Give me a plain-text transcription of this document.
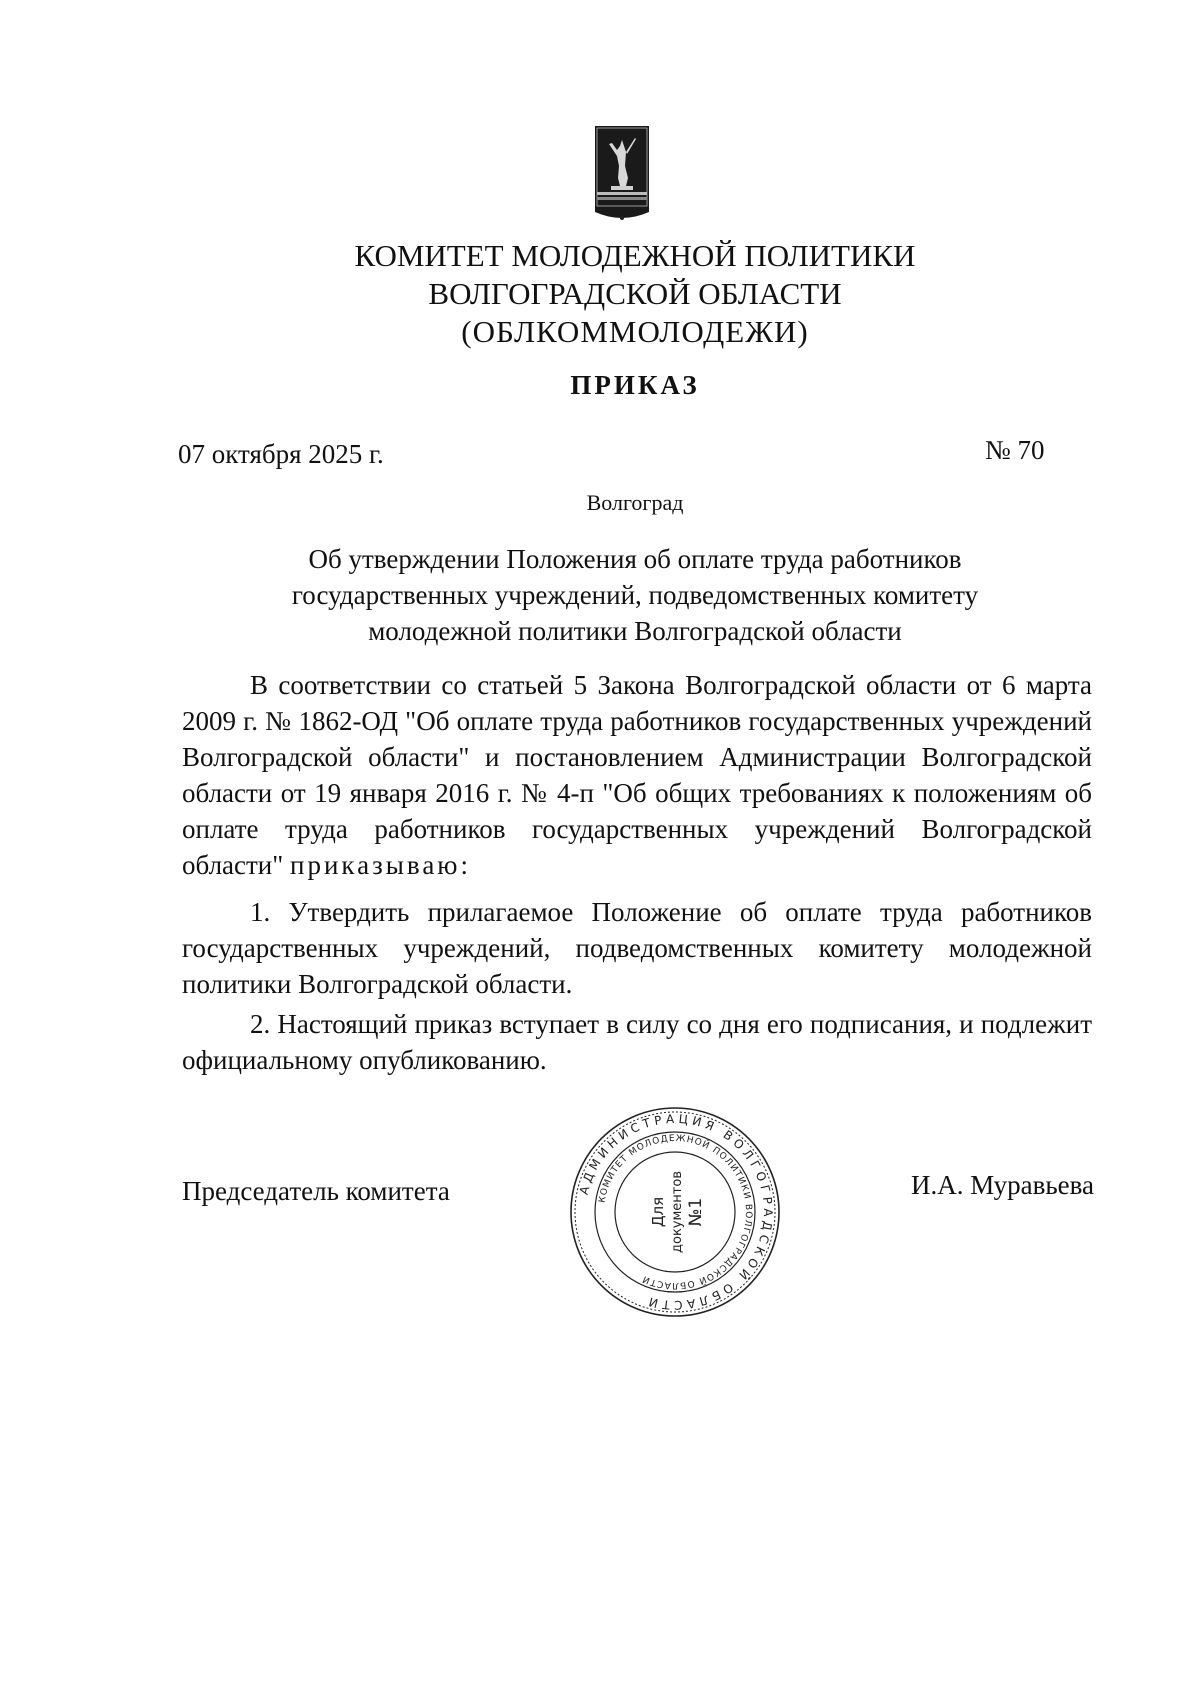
КОМИТЕТ МОЛОДЕЖНОЙ ПОЛИТИКИ
ВОЛГОГРАДСКОЙ ОБЛАСТИ
(ОБЛКОММОЛОДЕЖИ)
ПРИКАЗ
07 октября 2025 г.	№ 70
Волгоград
Об утверждении Положения об оплате труда работников
государственных учреждений, подведомственных комитету
молодежной политики Волгоградской области
В соответствии со статьей 5 Закона Волгоградской области от 6 марта 2009 г. № 1862-ОД "Об оплате труда работников государственных учреждений Волгоградской области" и постановлением Администрации Волгоградской области от 19 января 2016 г. № 4-п "Об общих требованиях к положениям об оплате труда работников государственных учреждений Волгоградской области" приказываю:
1. Утвердить прилагаемое Положение об оплате труда работников государственных учреждений, подведомственных комитету молодежной политики Волгоградской области.
2. Настоящий приказ вступает в силу со дня его подписания, и подлежит официальному опубликованию.
Председатель комитета	И.А. Муравьева
АДМИНИСТРАЦИЯ ВОЛГОГРАДСКОЙ ОБЛАСТИ
КОМИТЕТ МОЛОДЕЖНОЙ ПОЛИТИКИ ВОЛГОГРАДСКОЙ ОБЛАСТИ
Для документов №1
